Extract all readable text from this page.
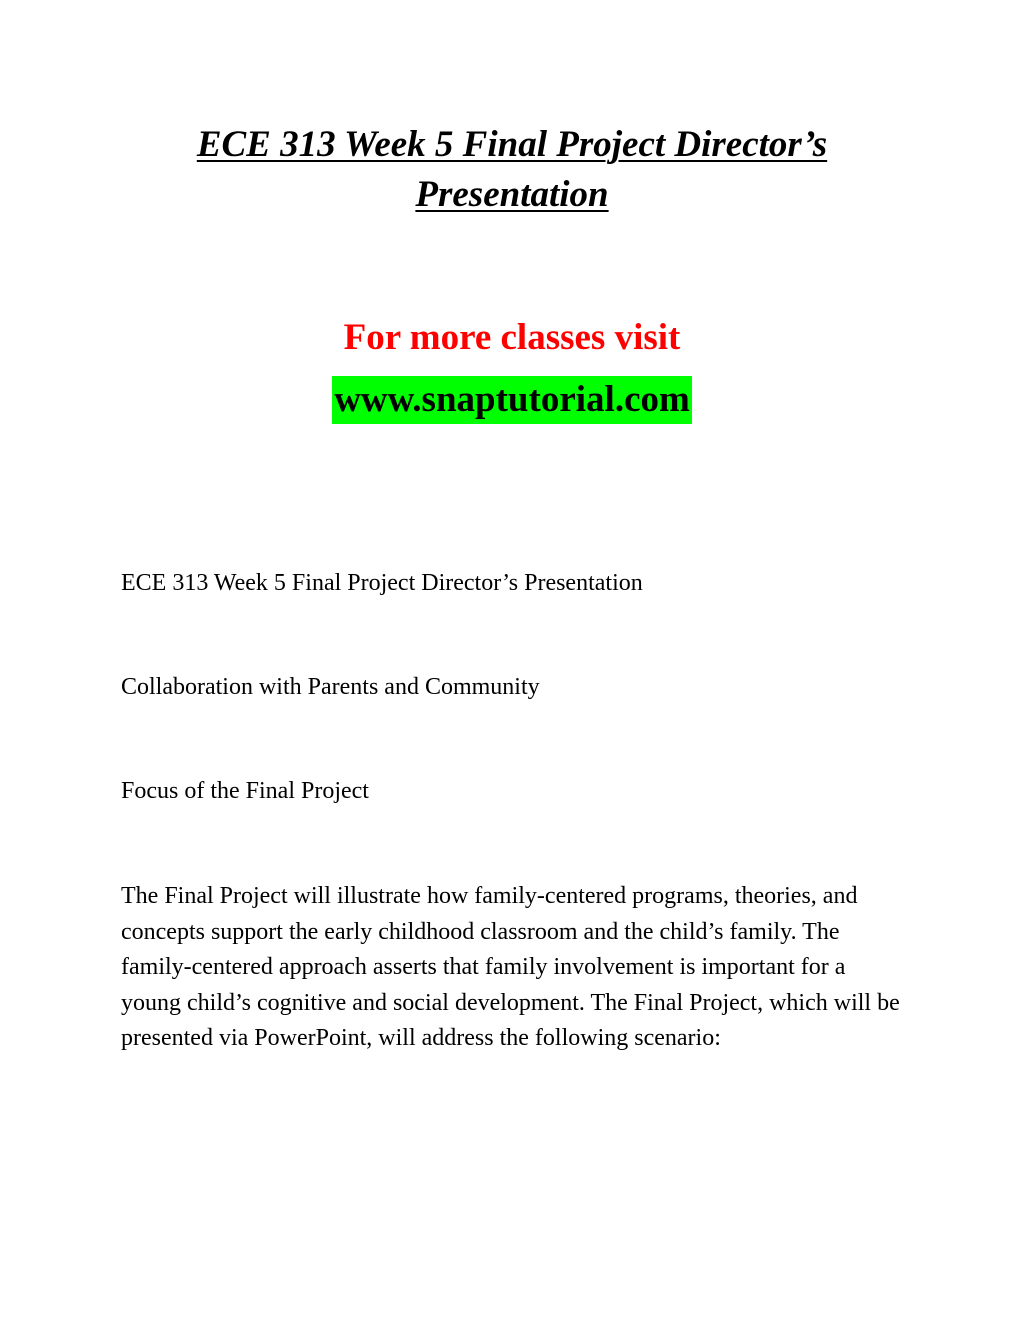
ECE 313 Week 5 Final Project Director’s Presentation
For more classes visit
www.snaptutorial.com
ECE 313 Week 5 Final Project Director’s Presentation
Collaboration with Parents and Community
Focus of the Final Project
The Final Project will illustrate how family-centered programs, theories, and concepts support the early childhood classroom and the child’s family. The family-centered approach asserts that family involvement is important for a young child’s cognitive and social development. The Final Project, which will be presented via PowerPoint, will address the following scenario:
